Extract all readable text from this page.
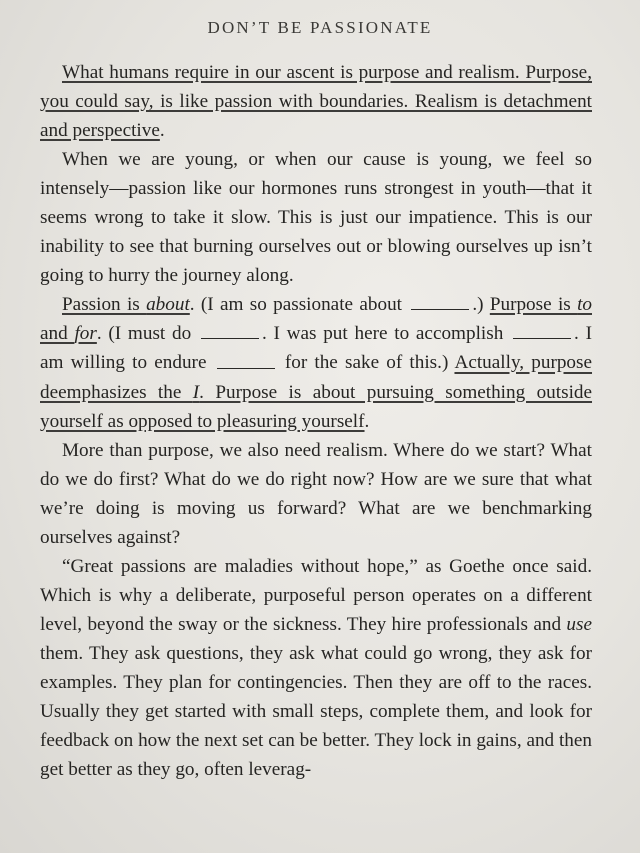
DON’T BE PASSIONATE

What humans require in our ascent is purpose and realism. Purpose, you could say, is like passion with boundaries. Realism is detachment and perspective.

When we are young, or when our cause is young, we feel so intensely—passion like our hormones runs strongest in youth—that it seems wrong to take it slow. This is just our impatience. This is our inability to see that burning ourselves out or blowing ourselves up isn’t going to hurry the journey along.

Passion is about. (I am so passionate about	.) Purpose is to and for. (I must do	. I was put here to accomplish	. I am willing to endure	for the sake of this.) Actually, purpose deemphasizes the I. Purpose is about pursuing something outside yourself as opposed to pleasuring yourself.

More than purpose, we also need realism. Where do we start? What do we do first? What do we do right now? How are we sure that what we’re doing is moving us forward? What are we benchmarking ourselves against?

“Great passions are maladies without hope,” as Goethe once said. Which is why a deliberate, purposeful person operates on a different level, beyond the sway or the sickness. They hire professionals and use them. They ask questions, they ask what could go wrong, they ask for examples. They plan for contingencies. Then they are off to the races. Usually they get started with small steps, complete them, and look for feedback on how the next set can be better. They lock in gains, and then get better as they go, often leverag-
